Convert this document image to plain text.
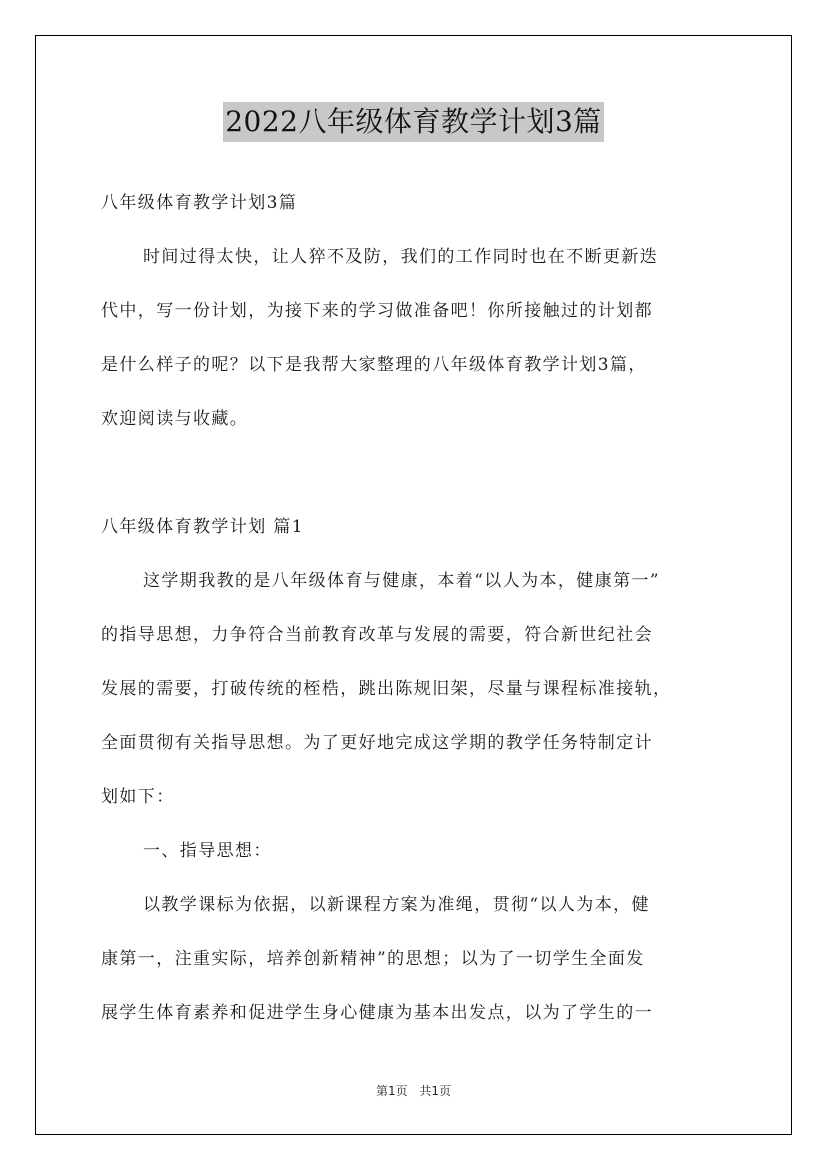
2022八年级体育教学计划3篇
八年级体育教学计划3篇
时间过得太快，让人猝不及防，我们的工作同时也在不断更新迭
代中，写一份计划，为接下来的学习做准备吧！你所接触过的计划都
是什么样子的呢？以下是我帮大家整理的八年级体育教学计划3篇，
欢迎阅读与收藏。
八年级体育教学计划 篇1
这学期我教的是八年级体育与健康，本着“以人为本，健康第一”
的指导思想，力争符合当前教育改革与发展的需要，符合新世纪社会
发展的需要，打破传统的桎梏，跳出陈规旧架，尽量与课程标准接轨，
全面贯彻有关指导思想。为了更好地完成这学期的教学任务特制定计
划如下：
一、指导思想：
以教学课标为依据，以新课程方案为准绳，贯彻“以人为本，健
康第一，注重实际，培养创新精神”的思想；以为了一切学生全面发
展学生体育素养和促进学生身心健康为基本出发点，以为了学生的一
第1页 共1页
